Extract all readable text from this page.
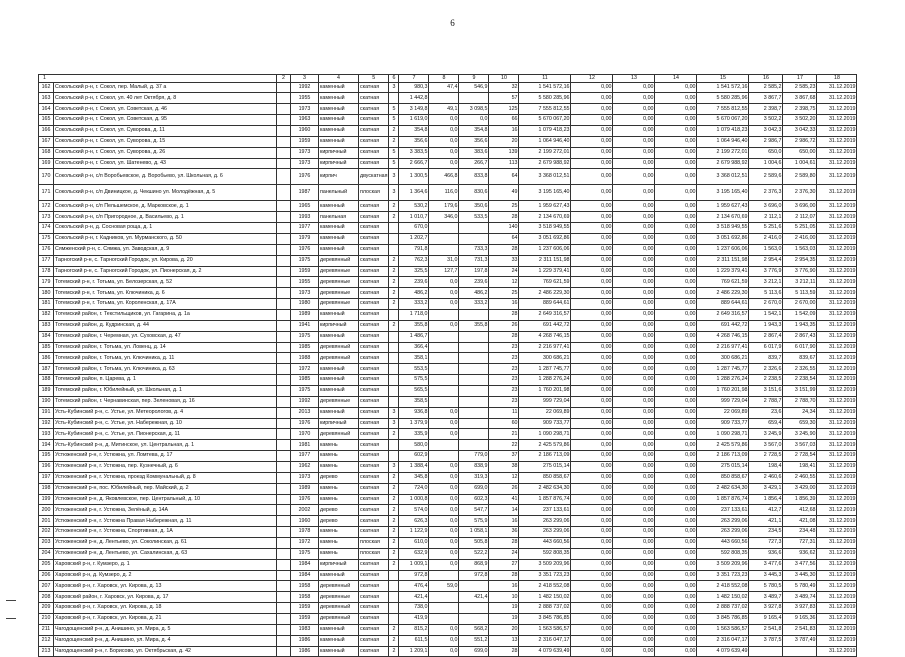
6
1		2	3	4	5	6	7	8	9	10	11	12	13	14	15	16	17	18
162	Сокольский р-н, г. Сокол, пер. Малый, д. 37 а		1992	каменный	скатная	3	980,3	47,4	546,9	32	1 541 572,16	0,00	0,00	0,00	1 541 572,16	2 585,2	2 585,23	31.12.2019
163	Сокольский р-н, г. Сокол, ул. 40 лет Октября, д. 8		1955	каменный	скатная		1 442,8			57	5 580 285,96	0,00	0,00	0,00	5 580 285,96	3 867,7	3 867,68	31.12.2019
164	Сокольский р-н, г. Сокол, ул. Советская, д. 46		1973	каменный	скатная	5	3 149,8	49,1	3 098,5	125	7 555 812,55	0,00	0,00	0,00	7 555 812,55	2 398,7	2 398,75	31.12.2019
165	Сокольский р-н, г. Сокол, ул. Советская, д. 95		1963	каменный	скатная	5	1 619,0	0,0	0,0	66	5 670 067,20	0,00	0,00	0,00	5 670 067,20	3 502,2	3 502,20	31.12.2019
166	Сокольский р-н, г. Сокол, ул. Суворова, д. 11		1960	каменный	скатная	2	354,8	0,0	354,8	16	1 079 418,23	0,00	0,00	0,00	1 079 418,23	3 042,3	3 042,33	31.12.2019
167	Сокольский р-н, г. Сокол, ул. Суворова, д. 15		1959	каменный	скатная	2	356,6	0,0	356,6	20	1 064 946,40	0,00	0,00	0,00	1 064 946,40	2 986,7	2 986,72	31.12.2019
168	Сокольский р-н, г. Сокол, ул. Суворова, д. 26		1973	кирпичный	скатная	5	3 383,5	0,0	383,6	139	2 199 272,01	0,00	0,00	0,00	2 199 272,01	650,0	650,00	31.12.2019
169	Сокольский р-н, г. Сокол, ул. Шатенево, д. 43		1973	кирпичный	скатная	5	2 666,7	0,0	266,7	113	2 679 988,92	0,00	0,00	0,00	2 679 988,92	1 004,6	1 004,61	31.12.2019
170	Сокольский р-н, с/п Воробьевское, д. Воробьево, ул. Школьная, д. 6		1976	кирпич	двускатная	3	1 300,5	466,8	833,8	64	3 368 012,51	0,00	0,00	0,00	3 368 012,51	2 589,6	2 589,80	31.12.2019
171	Сокольский р-н, с/п Двиницкое, д. Чекшино ул. Молодёжная, д. 5		1987	панельный	плоская	3	1 364,6	116,0	830,6	49	3 195 165,40	0,00	0,00	0,00	3 195 165,40	2 376,3	2 376,30	31.12.2019
172	Сокольский р-н, с/п Пельшемское, д. Марковское, д. 1		1965	каменный	скатная	2	530,2	179,6	350,6	25	1 959 627,43	0,00	0,00	0,00	1 959 627,43	3 696,0	3 696,00	31.12.2019
173	Сокольский р-н, с/п Пригородное, д. Васильево, д. 1		1993	панельная	скатная	2	1 010,7	346,0	533,5	28	2 134 670,69	0,00	0,00	0,00	2 134 670,69	2 112,1	2 112,07	31.12.2019
174	Сокольский р-н, д. Сосновая роща, д. 1		1977	каменный	скатная		670,0			140	3 518 949,55	0,00	0,00	0,00	3 518 949,55	5 251,6	5 251,05	31.12.2019
175	Сокольский р-н, г. Кадников, ул. Мурманского, д. 50		1979	каменный	скатная		1 202,7			64	3 051 692,86	0,00	0,00	0,00	3 051 692,86	2 416,0	2 416,00	31.12.2019
176	Сямженский р-н, с. Сямжа, ул. Заводская, д. 9		1976	каменный	скатная		791,8		733,3	28	1 237 606,06	0,00	0,00	0,00	1 237 606,06	1 563,0	1 563,03	31.12.2019
177	Тарногский р-н, с. Тарногский Городок, ул. Кирова, д. 20		1975	деревянный	скатная	2	762,3	31,0	731,3	33	2 311 151,98	0,00	0,00	0,00	2 311 151,98	2 954,4	2 954,35	31.12.2019
178	Тарногский р-н, с. Тарногский Городок, ул. Пионерская, д. 2		1959	деревянные	скатная	2	325,5	127,7	197,8	24	1 229 379,41	0,00	0,00	0,00	1 229 379,41	3 776,9	3 776,90	31.12.2019
179	Тотемский р-н, г. Тотьма, ул. Белозерская, д. 52		1955	деревянные	скатная	2	239,6	0,0	239,6	12	769 621,59	0,00	0,00	0,00	769 621,59	3 212,1	3 212,11	31.12.2019
180	Тотемский р-н, г. Тотьма, ул. Ключиника, д. 6		1973	деревянные	скатная	2	486,2	0,0	486,2	25	2 486 229,30	0,00	0,00	0,00	2 486 229,30	5 113,6	5 113,59	31.12.2019
181	Тотемский р-н, г. Тотьма, ул. Короленская, д. 17А		1980	деревянные	скатная	2	333,2	0,0	333,2	16	889 644,61	0,00	0,00	0,00	889 644,61	2 670,0	2 670,00	31.12.2019
182	Тотемский район, г. Текстильщиков, ул. Гагарина, д. 1а		1989	каменный	скатная		1 718,0			28	2 649 316,57	0,00	0,00	0,00	2 649 316,57	1 542,1	1 542,09	31.12.2019
183	Тотемский район, д. Кудринская, д. 44		1941	кирпичный	скатная	2	355,8	0,0	355,8	26	691 442,72	0,00	0,00	0,00	691 442,72	1 943,3	1 943,35	31.12.2019
184	Тотемский район, г. Черемная, ул. Суховская, д. 47		1975	каменный	скатная		1 486,7			28	4 268 746,15	0,00	0,00	0,00	4 268 746,15	2 867,4	2 867,43	31.12.2019
185	Тотемский район, г. Тотьма, ул. Ловенц, д. 14		1985	деревянный	скатная		366,4			23	2 216 977,41	0,00	0,00	0,00	2 216 977,41	6 017,9	6 017,90	31.12.2019
186	Тотемский район, г. Тотьма, ул. Ключиника, д. 11		1988	деревянный	скатная		358,1			23	300 686,21	0,00	0,00	0,00	300 686,21	839,7	839,67	31.12.2019
187	Тотемский район, г. Тотьма, ул. Ключиника, д. 63		1972	каменный	скатная		553,5			23	1 287 745,77	0,00	0,00	0,00	1 287 745,77	2 326,6	2 326,55	31.12.2019
188	Тотемский район, п. Царева, д. 1		1985	каменный	скатная		575,5			23	1 288 276,24	0,00	0,00	0,00	1 288 276,24	2 238,5	2 238,54	31.12.2019
189	Тотемский район, г. Юбилейный, ул. Школьная, д. 1		1975	каменный	скатная		565,5			23	1 760 201,98	0,00	0,00	0,00	1 760 201,98	3 151,6	3 151,99	31.12.2019
190	Тотемский район, г. Чернавинская, пер. Зеленовая, д. 16		1992	деревянные	скатная		358,5			23	999 729,04	0,00	0,00	0,00	999 729,04	2 788,7	2 788,70	31.12.2019
191	Усть-Кубинский р-н, с. Устье, ул. Метеорологов, д. 4		2013	каменный	скатная	3	936,8	0,0		11	22 069,89	0,00	0,00	0,00	22 069,89	23,6	24,34	31.12.2019
192	Усть-Кубинский р-н, с. Устье, ул. Набережная, д. 10		1976	кирпичный	скатная	3	1 379,9	0,0		60	909 733,77	0,00	0,00	0,00	909 733,77	659,4	659,30	31.12.2019
193	Усть-Кубинский р-н, с. Устье, ул. Пионерская, д. 11		1970	деревянный	скатная	2	335,9	0,0		21	1 090 298,71	0,00	0,00	0,00	1 090 298,71	3 245,9	3 245,90	31.12.2019
194	Усть-Кубинский р-н, д. Митинское, ул. Центральная, д. 1		1981	камень	скатная		580,0			22	2 425 579,86	0,00	0,00	0,00	2 425 579,86	3 567,0	3 567,03	31.12.2019
195	Устюженский р-н, г. Устюжна, ул. Ломтева, д. 17		1977	камень	скатная		602,9		779,0	37	2 186 713,09	0,00	0,00	0,00	2 186 713,09	2 728,5	2 728,54	31.12.2019
196	Устюженский р-н, г. Устюжна, пер. Кузнечный, д. 6		1962	камень	скатная	3	1 388,4	0,0	838,9	38	275 015,14	0,00	0,00	0,00	275 015,14	198,4	198,41	31.12.2019
197	Устюженский р-н, г. Устюжна, проезд Коммунальный, д. 8		1973	дерево	скатная	2	345,8	0,0	319,3	12	850 858,67	0,00	0,00	0,00	850 858,67	2 460,6	2 460,55	31.12.2019
198	Устюженский р-н, пос. Юбилейный, пер. Майский, д. 2		1989	камень	скатная	2	724,0	0,0	699,0	26	2 482 634,30	0,00	0,00	0,00	2 482 634,30	3 429,1	3 429,00	31.12.2019
199	Устюженский р-н, д. Яковлевское, пер. Центральный, д. 10		1976	камень	скатная	2	1 000,8	0,0	602,3	41	1 857 876,74	0,00	0,00	0,00	1 857 876,74	1 856,4	1 856,39	31.12.2019
200	Устюженский р-н, г. Устюжна, Зелёный, д. 14А		2002	дерево	скатная	2	574,0	0,0	547,7	14	237 133,61	0,00	0,00	0,00	237 133,61	412,7	412,68	31.12.2019
201	Устюженский р-н, г. Устюжна Правая Набережная, д. 11		1960	дерево	скатная	2	626,3	0,0	575,9	16	263 299,06	0,00	0,00	0,00	263 299,06	421,1	421,08	31.12.2019
202	Устюженский р-н, г. Устюжна, Спортивная, д. 1А		1978	камень	скатная	2	1 122,9	0,0	1 058,1	36	263 299,06	0,00	0,00	0,00	263 299,06	234,5	234,48	31.12.2019
203	Устюженский р-н, д. Лентьево, ул. Соколинская, д. 61		1972	камень	плоская	2	610,0	0,0	505,8	28	443 660,56	0,00	0,00	0,00	443 660,56	727,3	727,31	31.12.2019
204	Устюженский р-н, д. Лентьево, ул. Сахалинская, д. 63		1975	камень	плоская	2	632,9	0,0	522,2	24	592 808,35	0,00	0,00	0,00	592 808,35	936,6	936,62	31.12.2019
205	Харовский р-н, г. Кумзеро, д. 1		1984	кирпичный	скатная	2	1 009,1	0,0	868,9	27	3 509 209,96	0,00	0,00	0,00	3 509 209,96	3 477,6	3 477,56	31.12.2019
206	Харовский р-н, д. Кумзеро, д. 2		1984	каменный	скатная		972,8		972,8	28	3 351 723,23	0,00	0,00	0,00	3 351 723,23	3 445,3	3 445,30	31.12.2019
207	Харовский р-н, г. Харовск, ул. Кирова, д. 13		1958	деревянный	скатная		476,4	59,0		16	2 418 552,08	0,00	0,00	0,00	2 418 552,08	5 780,5	5 780,49	31.12.2019
208	Харовский район, г. Харовск, ул. Кирова, д. 17		1958	деревянные	скатная		421,4		421,4	10	1 482 150,02	0,00	0,00	0,00	1 482 150,02	3 489,7	3 489,74	31.12.2019
209	Харовский р-н, г. Харовск, ул. Кирова, д. 18		1959	деревянный	скатная		738,0			19	2 888 737,02	0,00	0,00	0,00	2 888 737,02	3 927,8	3 927,83	31.12.2019
210	Харовский р-н, г. Харовск, ул. Кирова, д. 21		1959	деревянный	скатная		419,9			19	3 845 786,85	0,00	0,00	0,00	3 845 786,85	9 165,4	9 165,36	31.12.2019
211	Чагодощенский р-н, д. Анишино, ул. Мира, д. 5		1983	каменный	скатная	2	815,2	0,0	568,2	20	1 563 586,57	0,00	0,00	0,00	1 563 586,57	2 541,8	2 541,83	31.12.2019
212	Чагодощенский р-н, д. Анишино, ул. Мира, д. 4		1986	каменный	скатная	2	611,5	0,0	551,2	13	2 316 047,17	0,00	0,00	0,00	2 316 047,17	3 787,5	3 787,49	31.12.2019
213	Чагодощенский р-н, г. Борисово, ул. Октябрьская, д. 42		1986	каменный	скатная	2	1 209,1	0,0	699,0	28	4 079 639,49	0,00	0,00	0,00	4 079 639,49			31.12.2019
